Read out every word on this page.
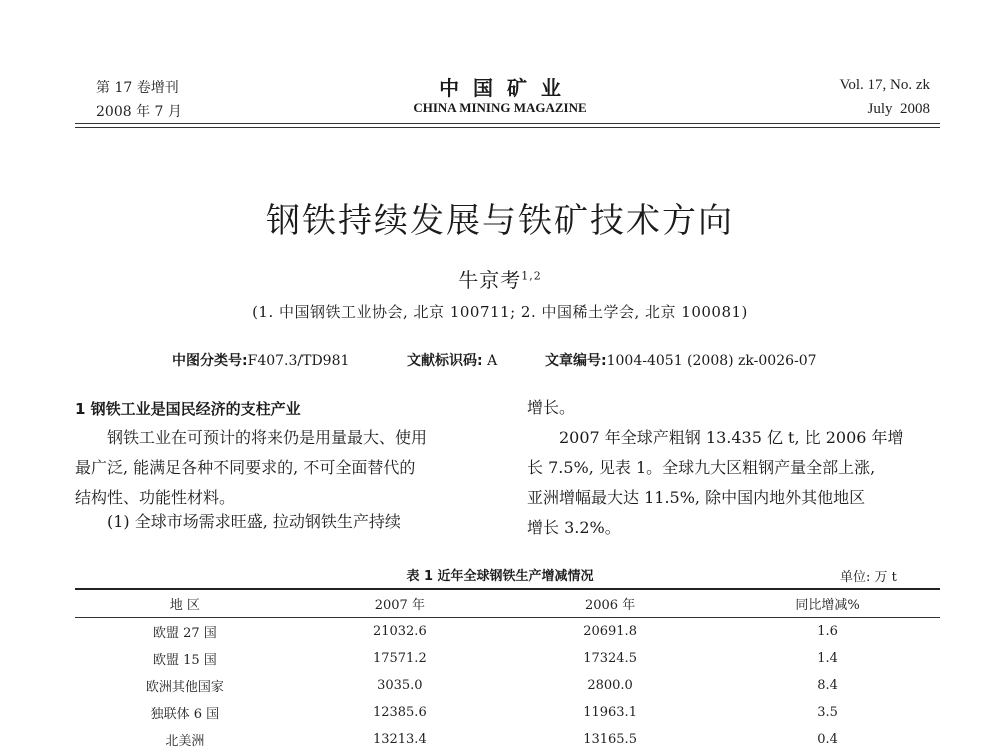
第 17 卷增刊
2008 年 7 月
中  国  矿  业
CHINA MINING MAGAZINE
Vol. 17, No. zk
July  2008
钢铁持续发展与铁矿技术方向
牛京考$^{1,2}$
(1. 中国钢铁工业协会, 北京 100711; 2. 中国稀土学会, 北京 100081)
中图分类号:F407.3/TD981	文献标识码: A	文章编号:1004-4051 (2008) zk-0026-07
1 钢铁工业是国民经济的支柱产业
钢铁工业在可预计的将来仍是用量最大、使用
最广泛, 能满足各种不同要求的, 不可全面替代的
结构性、功能性材料。
(1) 全球市场需求旺盛, 拉动钢铁生产持续
增长。
2007 年全球产粗钢 13.435 亿 t, 比 2006 年增
长 7.5%, 见表 1。全球九大区粗钢产量全部上涨,
亚洲增幅最大达 11.5%, 除中国内地外其他地区
增长 3.2%。
表 1 近年全球钢铁生产增减情况	单位: 万 t
地 区	2007 年	2006 年	同比增减%
欧盟 27 国	21032.6	20691.8	1.6
欧盟 15 国	17571.2	17324.5	1.4
欧洲其他国家	3035.0	2800.0	8.4
独联体 6 国	12385.6	11963.1	3.5
北美洲	13213.4	13165.5	0.4
